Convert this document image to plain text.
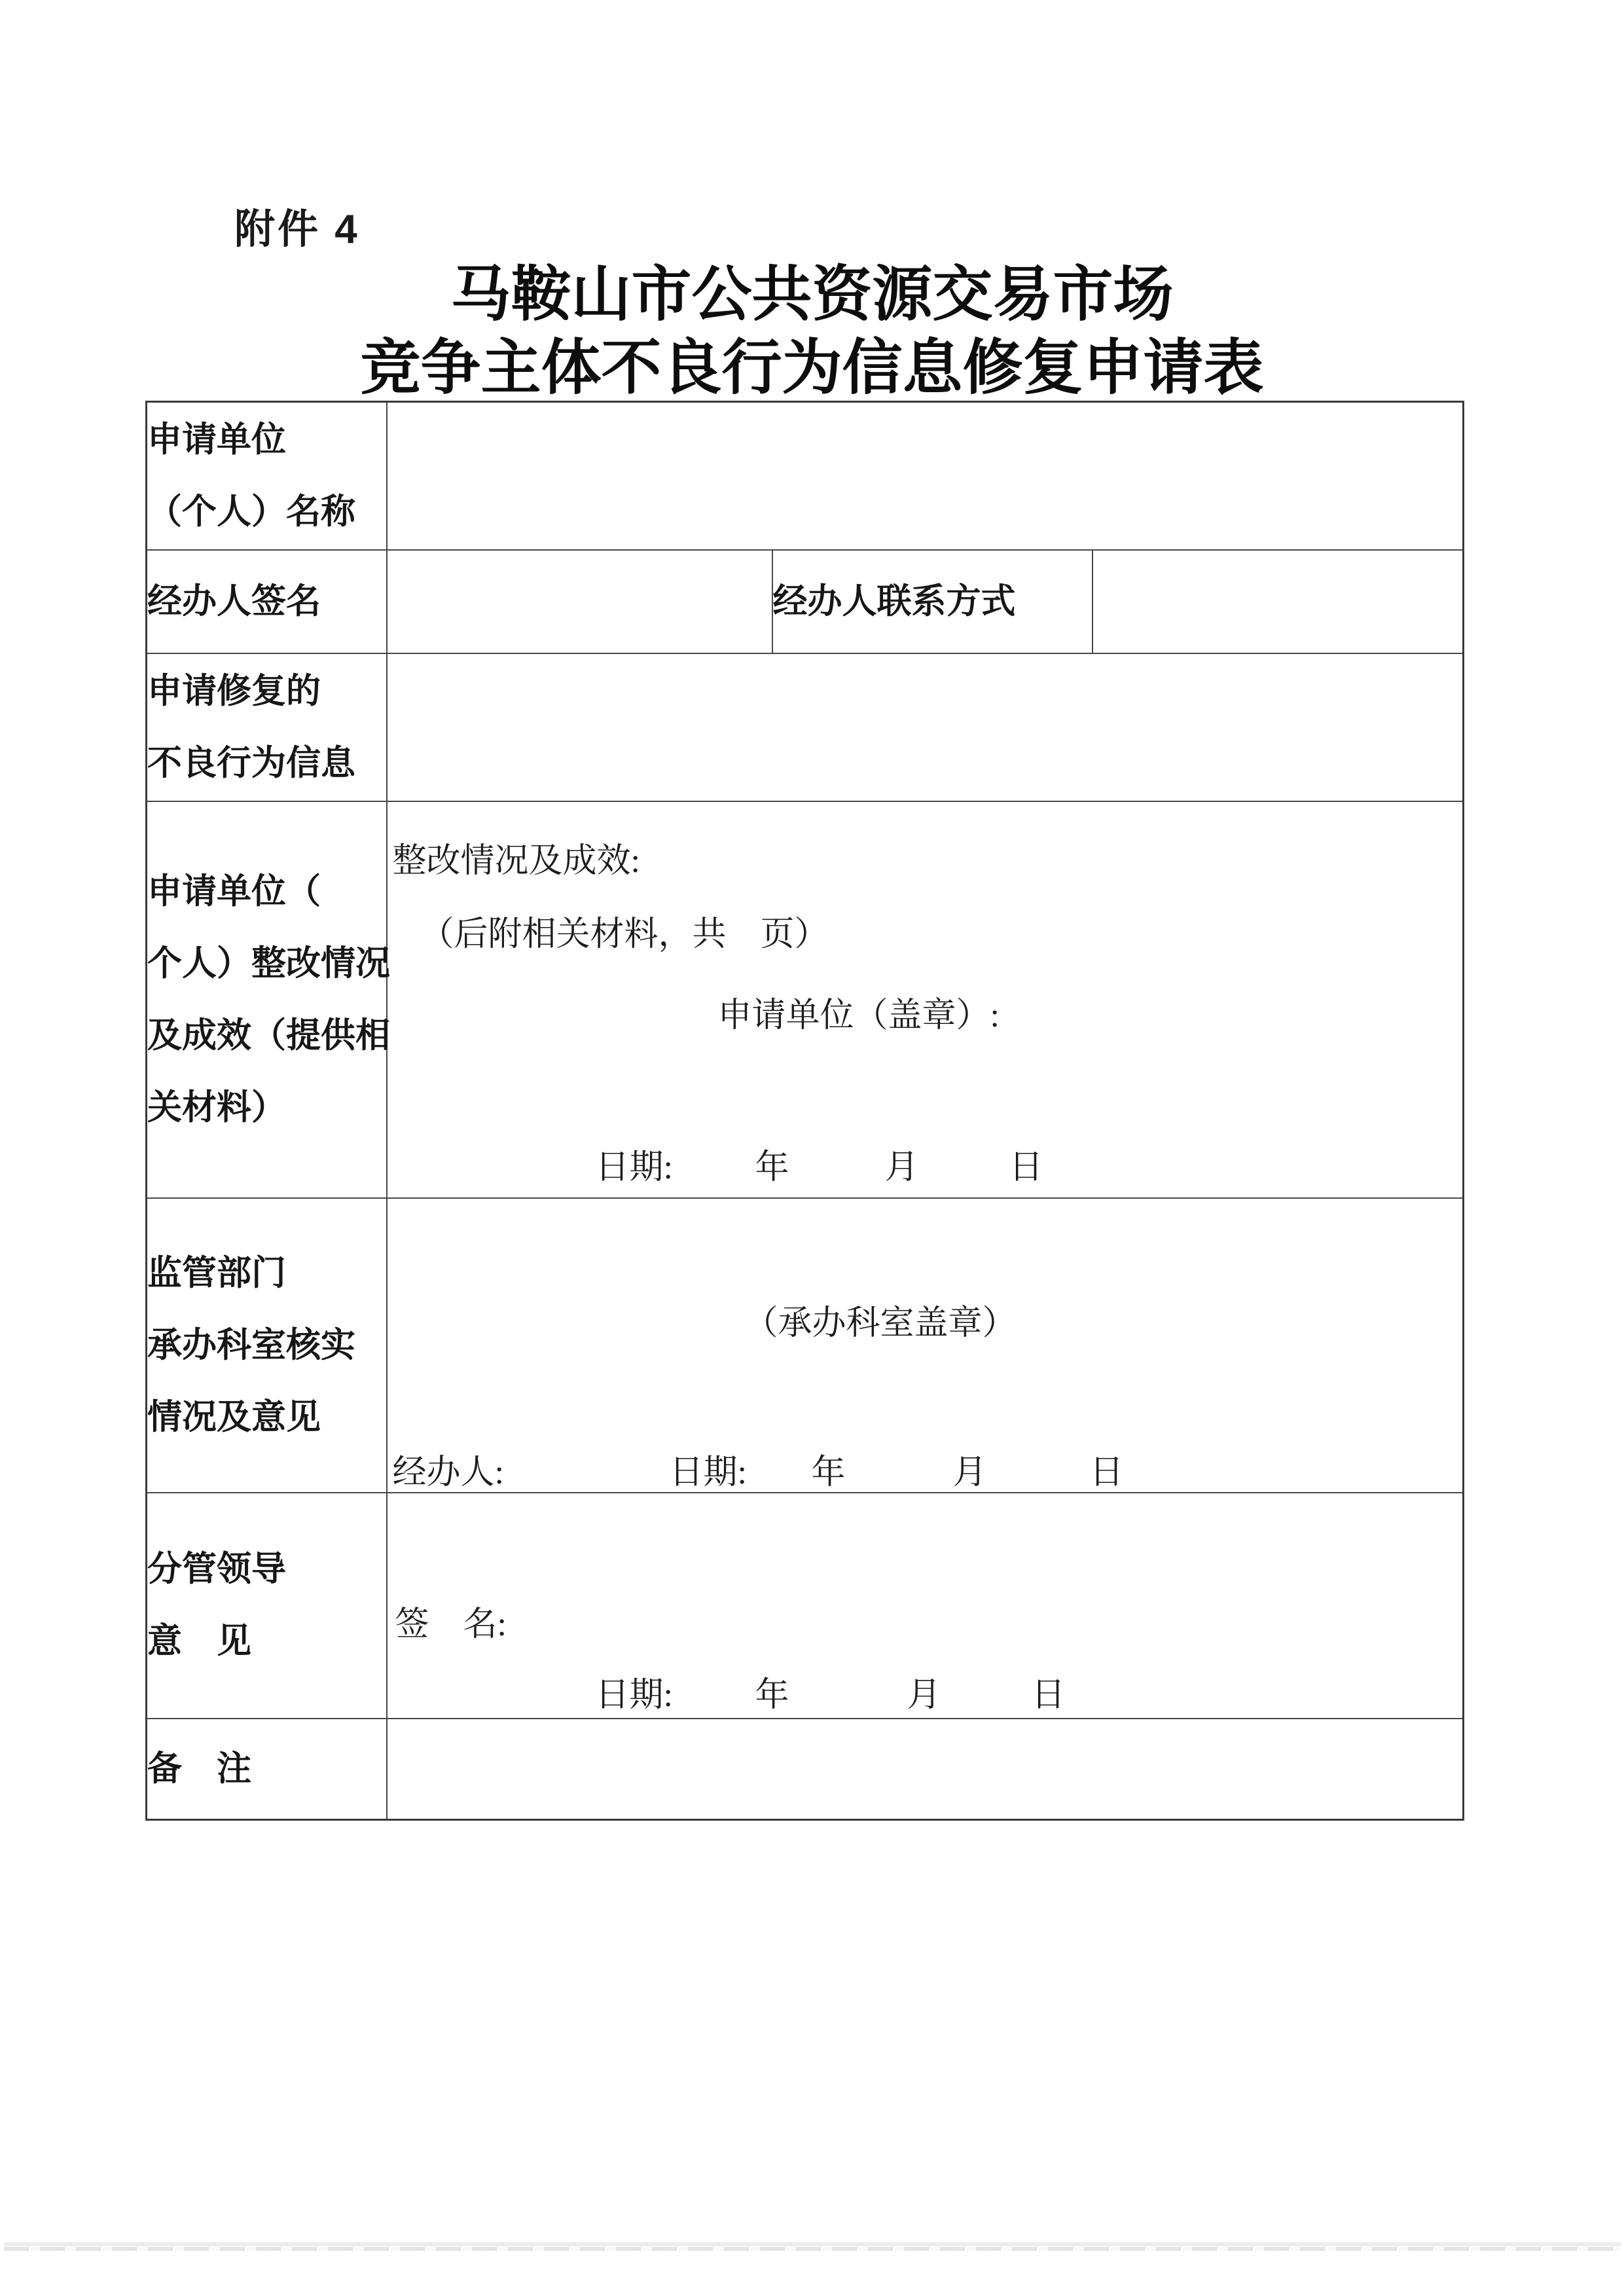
附件 4
马鞍山市公共资源交易市场
竞争主体不良行为信息修复申请表
申请单位
（个人）名称			

经办人签名		经办人联系方式	

申请修复的
不良行为信息			

申请单位（
个人）整改情况
及成效（提供相
关材料）

整改情况及成效:
（后附相关材料，共　页）
申请单位（盖章）:
日期: 年	月	日

监管部门
承办科室核实
情况及意见

（承办科室盖章）
经办人:	日期: 年	月	日

分管领导
意　见	签　名:
日期: 年 月 日		

备　注			
